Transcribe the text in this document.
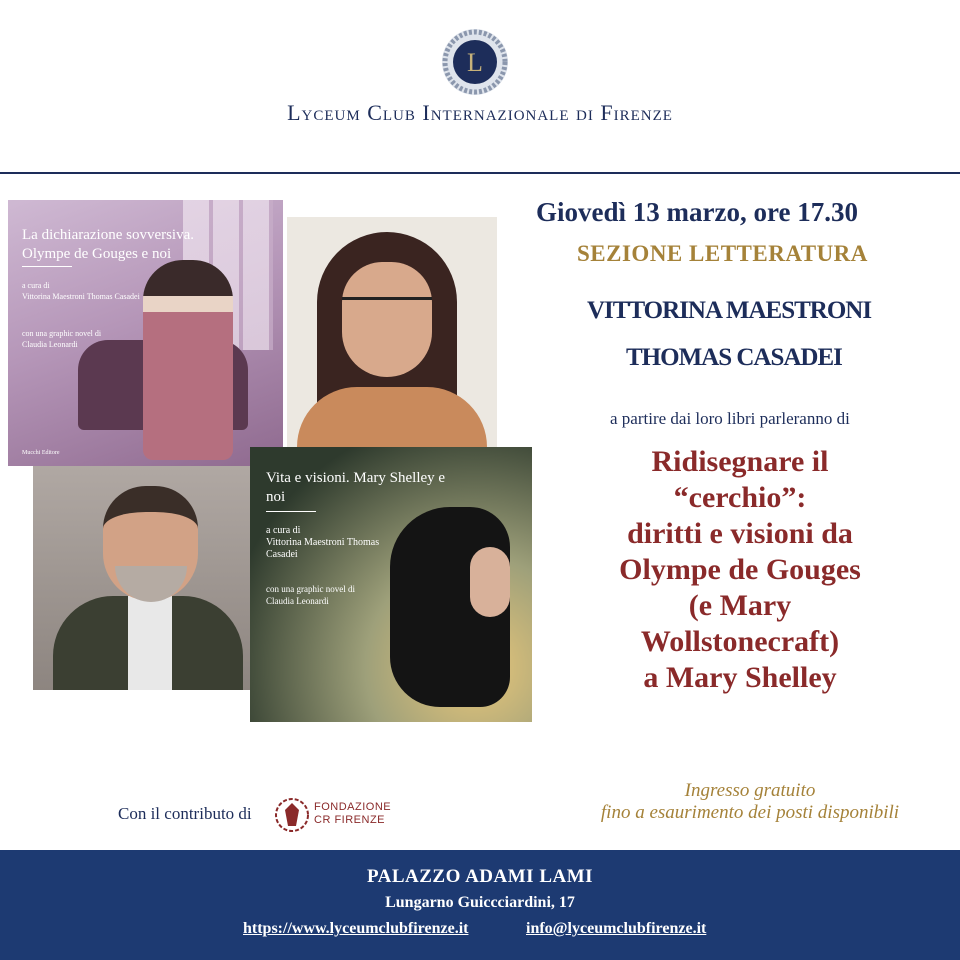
L
Lyceum Club Internazionale di Firenze
La dichiarazione sovversiva. Olympe de Gouges e noi
a cura di
Vittorina Maestroni Thomas Casadei
con una graphic novel di
Claudia Leonardi
Mucchi Editore
Vita e visioni. Mary Shelley e noi
a cura di
Vittorina Maestroni Thomas Casadei
con una graphic novel di
Claudia Leonardi
Giovedì 13 marzo, ore 17.30
SEZIONE LETTERATURA
VITTORINA MAESTRONI
THOMAS CASADEI
a partire dai loro libri parleranno di
Ridisegnare il
“cerchio”:
diritti e visioni da
Olympe de Gouges
(e Mary
Wollstonecraft)
a Mary Shelley
Con il contributo di	FONDAZIONE
CR FIRENZE
Ingresso gratuito
fino a esaurimento dei posti disponibili
PALAZZO ADAMI LAMI
Lungarno Guiccciardini, 17
https://www.lyceumclubfirenze.it	info@lyceumclubfirenze.it
